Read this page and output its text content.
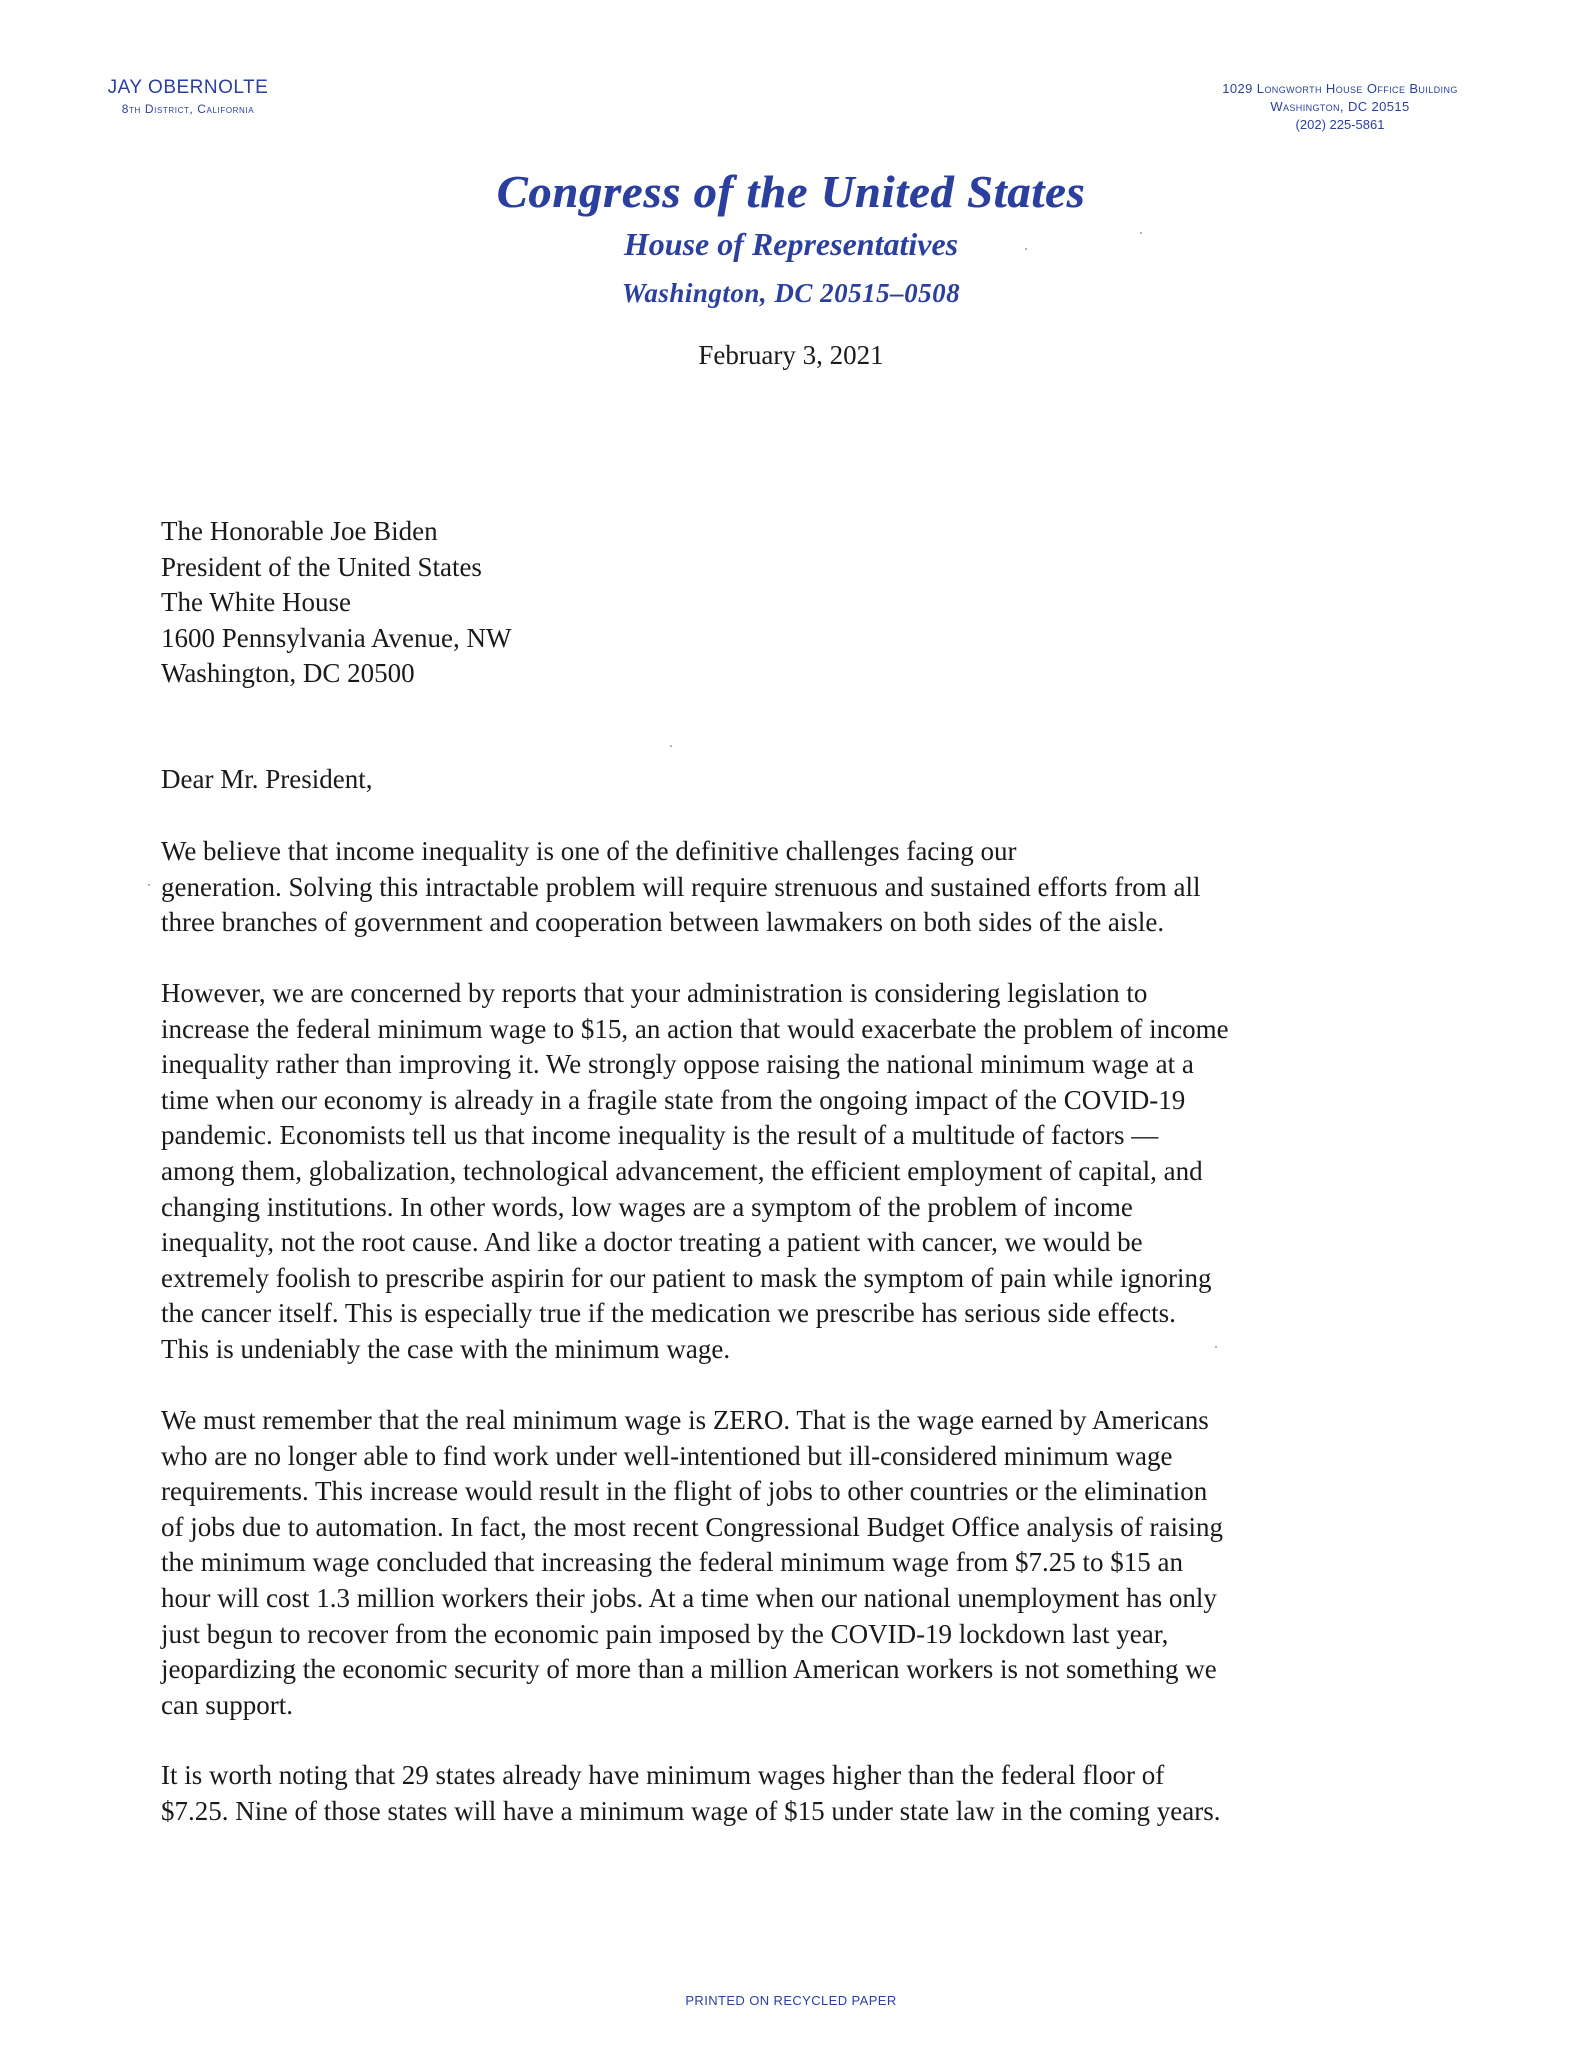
JAY OBERNOLTE
8th District, California
1029 Longworth House Office Building
Washington, DC 20515
(202) 225-5861
Congress of the United States
House of Representatives
Washington, DC 20515–0508
February 3, 2021
The Honorable Joe Biden
President of the United States
The White House
1600 Pennsylvania Avenue, NW
Washington, DC 20500
Dear Mr. President,
We believe that income inequality is one of the definitive challenges facing our
generation. Solving this intractable problem will require strenuous and sustained efforts from all
three branches of government and cooperation between lawmakers on both sides of the aisle.
However, we are concerned by reports that your administration is considering legislation to
increase the federal minimum wage to $15, an action that would exacerbate the problem of income
inequality rather than improving it. We strongly oppose raising the national minimum wage at a
time when our economy is already in a fragile state from the ongoing impact of the COVID-19
pandemic. Economists tell us that income inequality is the result of a multitude of factors —
among them, globalization, technological advancement, the efficient employment of capital, and
changing institutions. In other words, low wages are a symptom of the problem of income
inequality, not the root cause. And like a doctor treating a patient with cancer, we would be
extremely foolish to prescribe aspirin for our patient to mask the symptom of pain while ignoring
the cancer itself. This is especially true if the medication we prescribe has serious side effects.
This is undeniably the case with the minimum wage.
We must remember that the real minimum wage is ZERO. That is the wage earned by Americans
who are no longer able to find work under well-intentioned but ill-considered minimum wage
requirements. This increase would result in the flight of jobs to other countries or the elimination
of jobs due to automation. In fact, the most recent Congressional Budget Office analysis of raising
the minimum wage concluded that increasing the federal minimum wage from $7.25 to $15 an
hour will cost 1.3 million workers their jobs. At a time when our national unemployment has only
just begun to recover from the economic pain imposed by the COVID-19 lockdown last year,
jeopardizing the economic security of more than a million American workers is not something we
can support.
It is worth noting that 29 states already have minimum wages higher than the federal floor of
$7.25. Nine of those states will have a minimum wage of $15 under state law in the coming years.
PRINTED ON RECYCLED PAPER
